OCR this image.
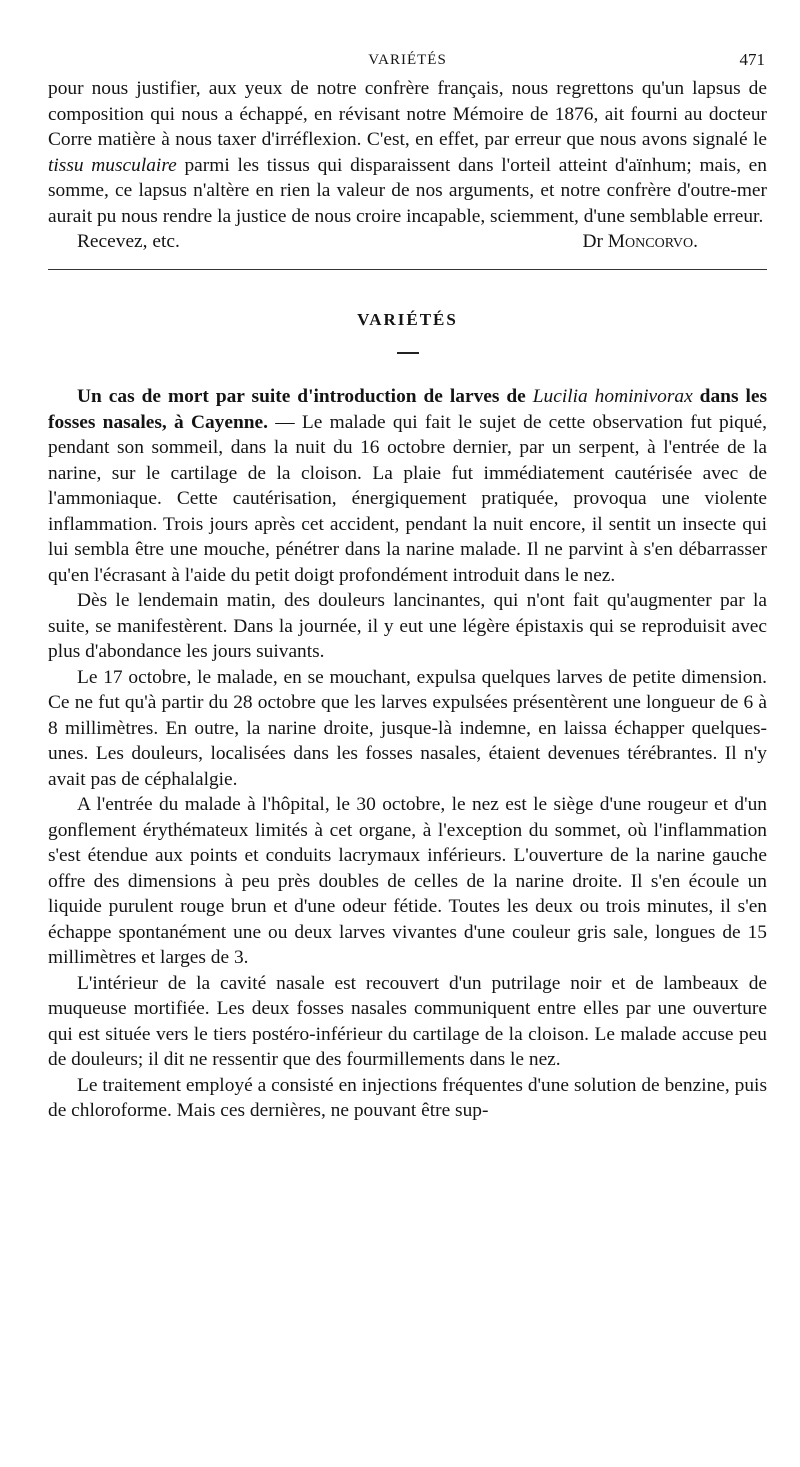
VARIÉTÉS	471

pour nous justifier, aux yeux de notre confrère français, nous regrettons qu'un lapsus de composition qui nous a échappé, en révisant notre Mémoire de 1876, ait fourni au docteur Corre matière à nous taxer d'irréflexion. C'est, en effet, par erreur que nous avons signalé le tissu musculaire parmi les tissus qui disparaissent dans l'orteil atteint d'aïnhum; mais, en somme, ce lapsus n'altère en rien la valeur de nos arguments, et notre confrère d'outre-mer aurait pu nous rendre la justice de nous croire incapable, sciemment, d'une semblable erreur.

Recevez, etc.	Dr Moncorvo.
VARIÉTÉS

Un cas de mort par suite d'introduction de larves de Lucilia hominivorax dans les fosses nasales, à Cayenne. — Le malade qui fait le sujet de cette observation fut piqué, pendant son sommeil, dans la nuit du 16 octobre dernier, par un serpent, à l'entrée de la narine, sur le cartilage de la cloison. La plaie fut immédiatement cautérisée avec de l'ammoniaque. Cette cautérisation, énergiquement pratiquée, provoqua une violente inflammation. Trois jours après cet accident, pendant la nuit encore, il sentit un insecte qui lui sembla être une mouche, pénétrer dans la narine malade. Il ne parvint à s'en débarrasser qu'en l'écrasant à l'aide du petit doigt profondément introduit dans le nez.

Dès le lendemain matin, des douleurs lancinantes, qui n'ont fait qu'augmenter par la suite, se manifestèrent. Dans la journée, il y eut une légère épistaxis qui se reproduisit avec plus d'abondance les jours suivants.

Le 17 octobre, le malade, en se mouchant, expulsa quelques larves de petite dimension. Ce ne fut qu'à partir du 28 octobre que les larves expulsées présentèrent une longueur de 6 à 8 millimètres. En outre, la narine droite, jusque-là indemne, en laissa échapper quelques-unes. Les douleurs, localisées dans les fosses nasales, étaient devenues térébrantes. Il n'y avait pas de céphalalgie.

A l'entrée du malade à l'hôpital, le 30 octobre, le nez est le siège d'une rougeur et d'un gonflement érythémateux limités à cet organe, à l'exception du sommet, où l'inflammation s'est étendue aux points et conduits lacrymaux inférieurs. L'ouverture de la narine gauche offre des dimensions à peu près doubles de celles de la narine droite. Il s'en écoule un liquide purulent rouge brun et d'une odeur fétide. Toutes les deux ou trois minutes, il s'en échappe spontanément une ou deux larves vivantes d'une couleur gris sale, longues de 15 millimètres et larges de 3.

L'intérieur de la cavité nasale est recouvert d'un putrilage noir et de lambeaux de muqueuse mortifiée. Les deux fosses nasales communiquent entre elles par une ouverture qui est située vers le tiers postéro-inférieur du cartilage de la cloison. Le malade accuse peu de douleurs; il dit ne ressentir que des fourmillements dans le nez.

Le traitement employé a consisté en injections fréquentes d'une solution de benzine, puis de chloroforme. Mais ces dernières, ne pouvant être sup-
